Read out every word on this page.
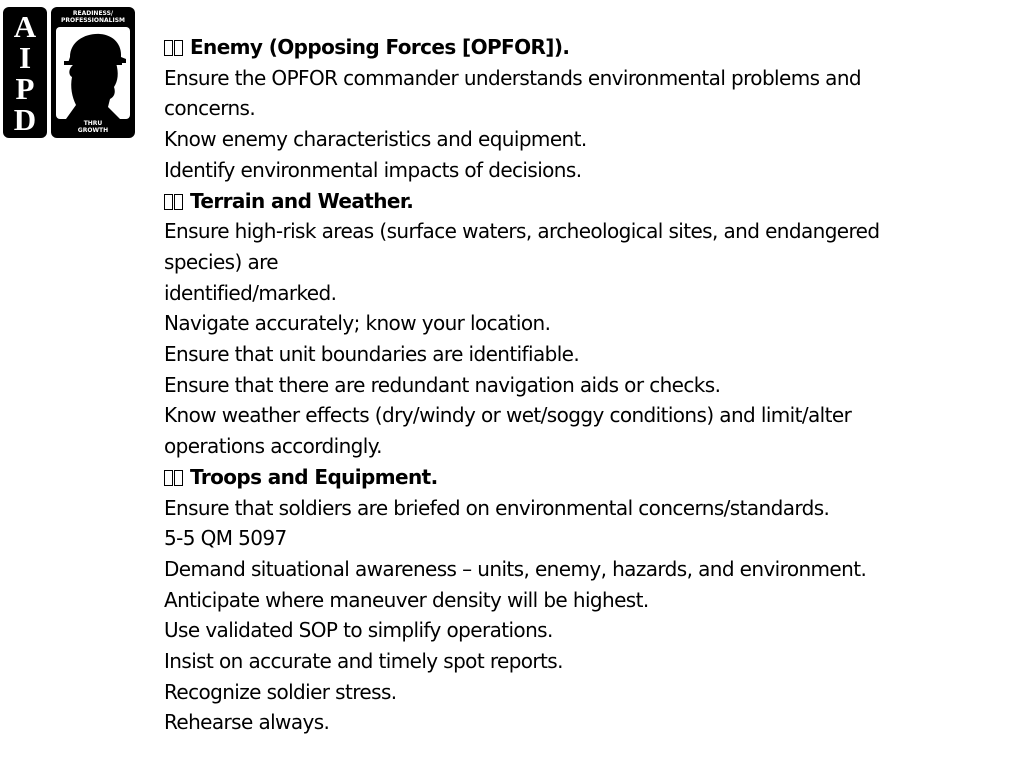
A
I
P
D
READINESS/
PROFESSIONALISM
THRU
GROWTH
Enemy (Opposing Forces [OPFOR]).
Ensure the OPFOR commander understands environmental problems and
concerns.
Know enemy characteristics and equipment.
Identify environmental impacts of decisions.
Terrain and Weather.
Ensure high-risk areas (surface waters, archeological sites, and endangered
species) are
identified/marked.
Navigate accurately; know your location.
Ensure that unit boundaries are identifiable.
Ensure that there are redundant navigation aids or checks.
Know weather effects (dry/windy or wet/soggy conditions) and limit/alter
operations accordingly.
Troops and Equipment.
Ensure that soldiers are briefed on environmental concerns/standards.
5-5 QM 5097
Demand situational awareness – units, enemy, hazards, and environment.
Anticipate where maneuver density will be highest.
Use validated SOP to simplify operations.
Insist on accurate and timely spot reports.
Recognize soldier stress.
Rehearse always.
